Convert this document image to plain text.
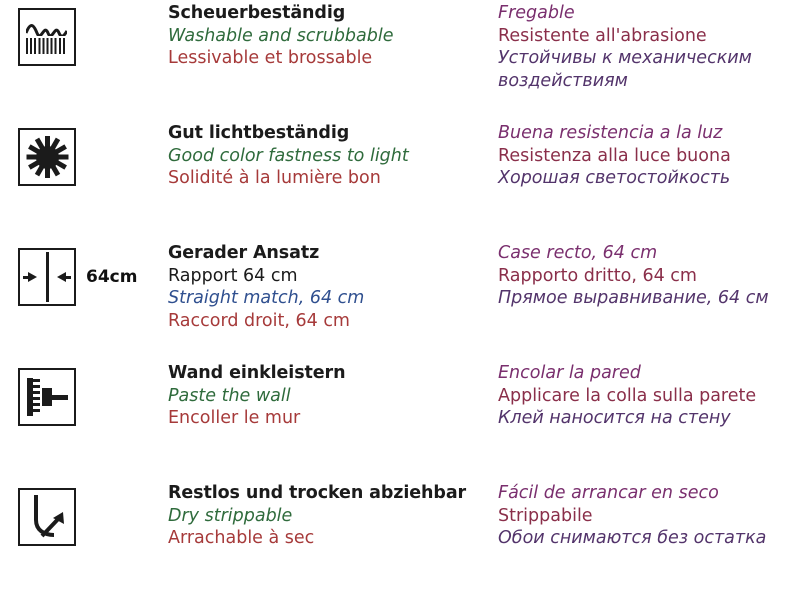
Scheuerbeständig
Washable and scrubbable
Lessivable et brossable
Fregable
Resistente all'abrasione
Устойчивы к механическим
воздействиям
Gut lichtbeständig
Good color fastness to light
Solidité à la lumière bon
Buena resistencia a la luz
Resistenza alla luce buona
Хорошая светостойкость
64cm
Gerader Ansatz
Rapport 64 cm
Straight match, 64 cm
Raccord droit, 64 cm
Case recto, 64 cm
Rapporto dritto, 64 cm
Прямое выравнивание, 64 см
Wand einkleistern
Paste the wall
Encoller le mur
Encolar la pared
Applicare la colla sulla parete
Клей наносится на стену
Restlos und trocken abziehbar
Dry strippable
Arrachable à sec
Fácil de arrancar en seco
Strippabile
Обои снимаются без остатка
